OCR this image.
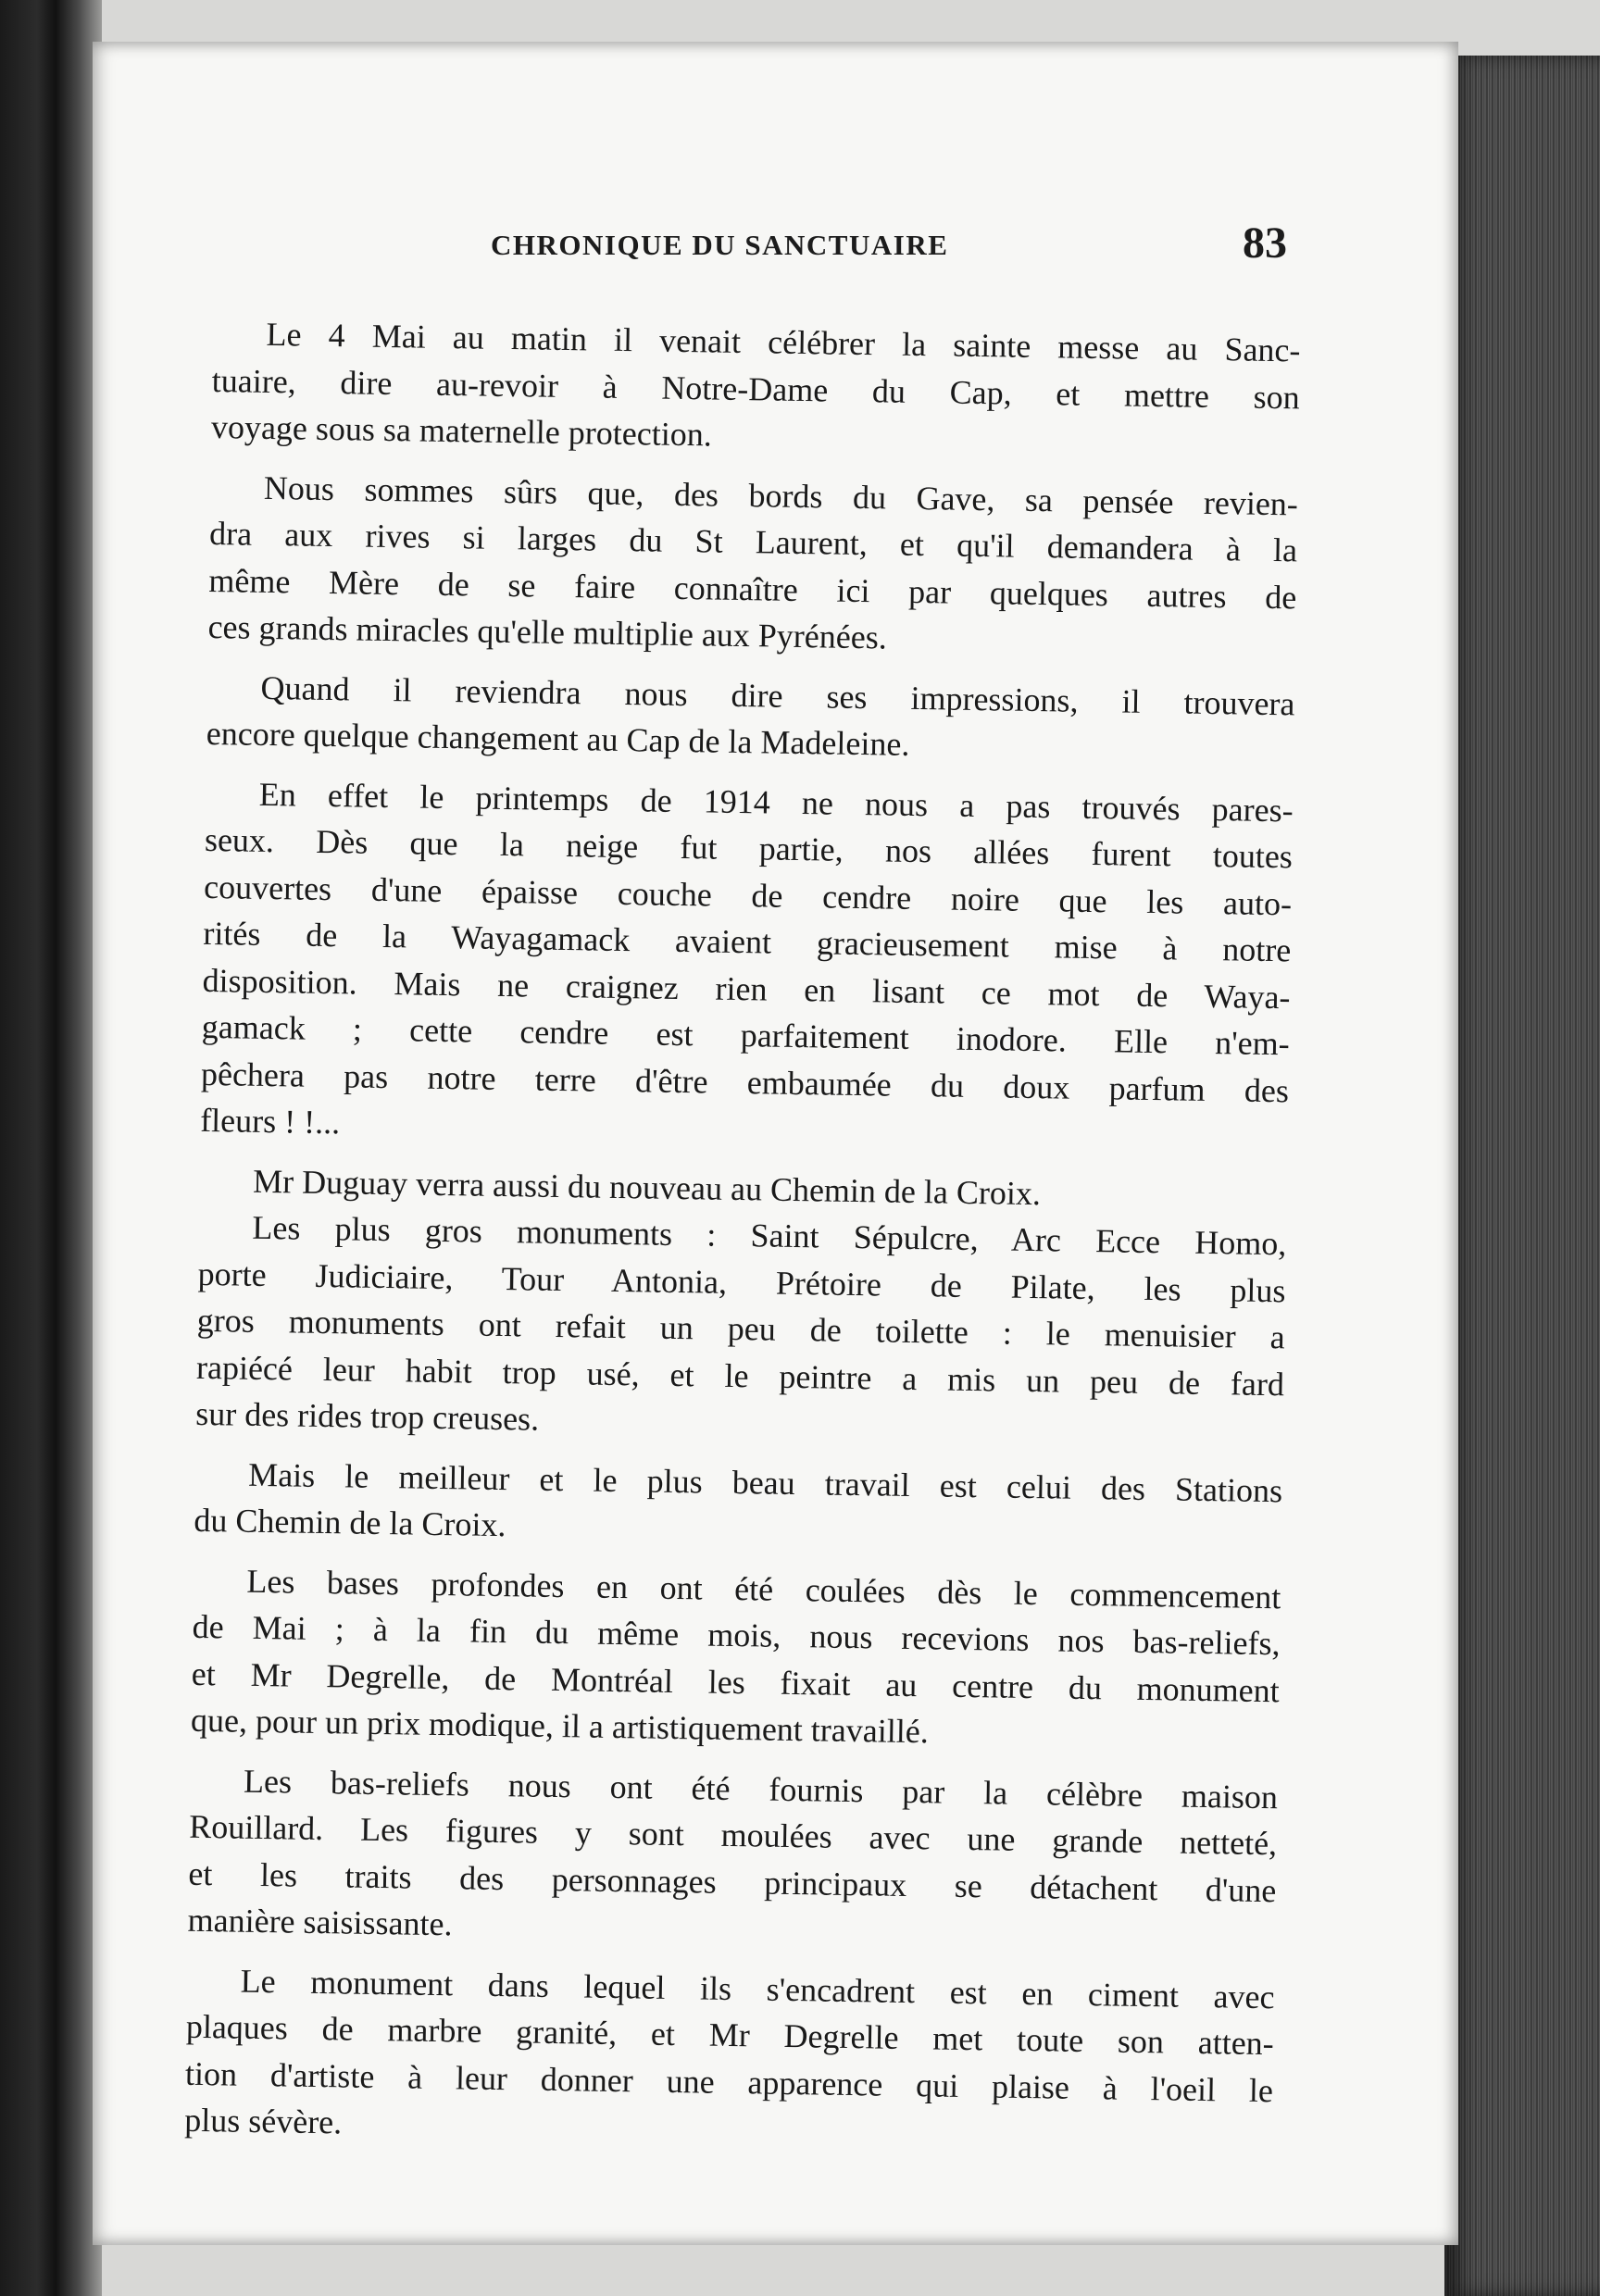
CHRONIQUE DU SANCTUAIRE	83
Le 4 Mai au matin il venait célébrer la sainte messe au Sanc-
tuaire, dire au-revoir à Notre-Dame du Cap, et mettre son
voyage sous sa maternelle protection.
Nous sommes sûrs que, des bords du Gave, sa pensée revien-
dra aux rives si larges du St Laurent, et qu'il demandera à la
même Mère de se faire connaître ici par quelques autres de
ces grands miracles qu'elle multiplie aux Pyrénées.
Quand il reviendra nous dire ses impressions, il trouvera
encore quelque changement au Cap de la Madeleine.
En effet le printemps de 1914 ne nous a pas trouvés pares-
seux. Dès que la neige fut partie, nos allées furent toutes
couvertes d'une épaisse couche de cendre noire que les auto-
rités de la Wayagamack avaient gracieusement mise à notre
disposition. Mais ne craignez rien en lisant ce mot de Waya-
gamack ; cette cendre est parfaitement inodore. Elle n'em-
pêchera pas notre terre d'être embaumée du doux parfum des
fleurs ! !...
Mr Duguay verra aussi du nouveau au Chemin de la Croix.
Les plus gros monuments : Saint Sépulcre, Arc Ecce Homo,
porte Judiciaire, Tour Antonia, Prétoire de Pilate, les plus
gros monuments ont refait un peu de toilette : le menuisier a
rapiécé leur habit trop usé, et le peintre a mis un peu de fard
sur des rides trop creuses.
Mais le meilleur et le plus beau travail est celui des Stations
du Chemin de la Croix.
Les bases profondes en ont été coulées dès le commencement
de Mai ; à la fin du même mois, nous recevions nos bas-reliefs,
et Mr Degrelle, de Montréal les fixait au centre du monument
que, pour un prix modique, il a artistiquement travaillé.
Les bas-reliefs nous ont été fournis par la célèbre maison
Rouillard. Les figures y sont moulées avec une grande netteté,
et les traits des personnages principaux se détachent d'une
manière saisissante.
Le monument dans lequel ils s'encadrent est en ciment avec
plaques de marbre granité, et Mr Degrelle met toute son atten-
tion d'artiste à leur donner une apparence qui plaise à l'oeil le
plus sévère.
